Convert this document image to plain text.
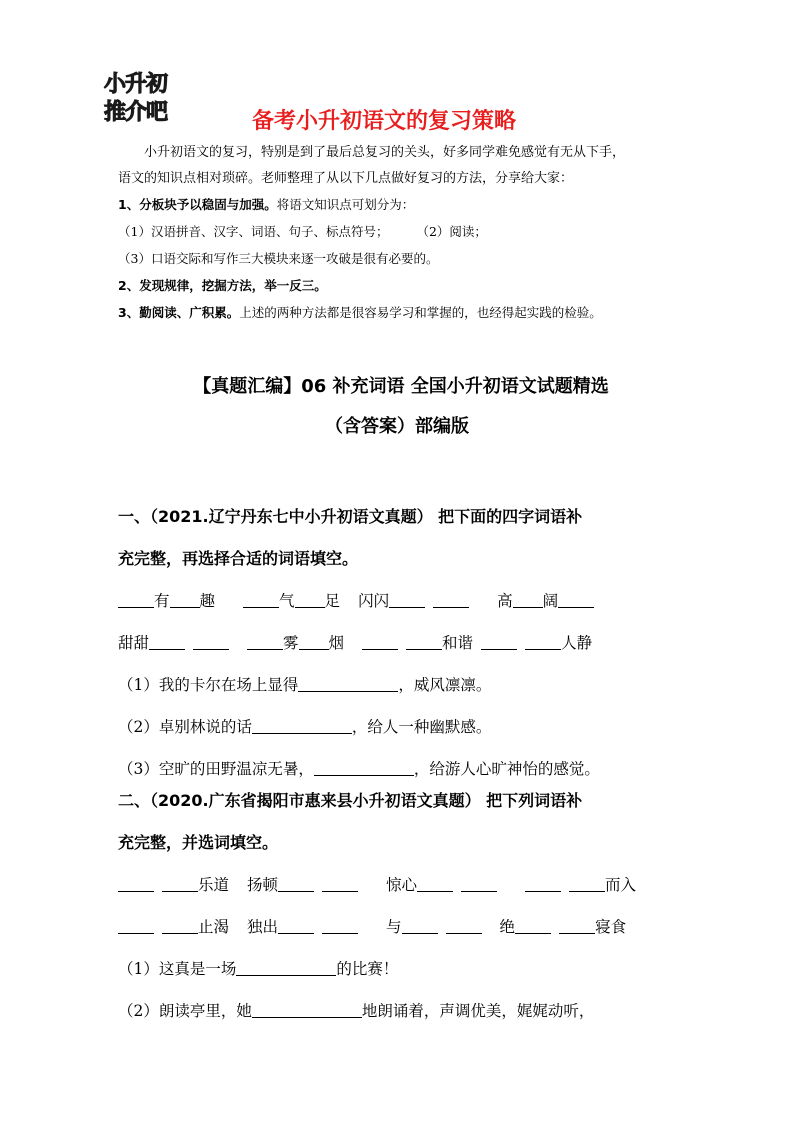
小升初
推介吧	备考小升初语文的复习策略

小升初语文的复习，特别是到了最后总复习的关头，好多同学难免感觉有无从下手，

语文的知识点相对琐碎。老师整理了从以下几点做好复习的方法，分享给大家：

1、分板块予以稳固与加强。将语文知识点可划分为：

（1）汉语拼音、汉字、词语、句子、标点符号； （2）阅读；

（3）口语交际和写作三大模块来逐一攻破是很有必要的。

2、发现规律，挖掘方法，举一反三。

3、勤阅读、广积累。上述的两种方法都是很容易学习和掌握的，也经得起实践的检验。

【真题汇编】06 补充词语 全国小升初语文试题精选
（含答案）部编版

一、（2021.辽宁丹东七中小升初语文真题） 把下面的四字词语补

充完整，再选择合适的词语填空。

有 趣	气 足 闪闪	高 阔

甜甜	雾 烟	和谐	人静

（1）我的卡尔在场上显得	，威风凛凛。

（2）卓别林说的话	，给人一种幽默感。

（3）空旷的田野温凉无暑，	，给游人心旷神怡的感觉。

二、（2020.广东省揭阳市惠来县小升初语文真题） 把下列词语补

充完整，并选词填空。

乐道 扬顿	惊心	而入

止渴 独出	与	绝	寝食

（1）这真是一场	的比赛！

（2）朗读亭里，她	地朗诵着，声调优美，娓娓动听，
